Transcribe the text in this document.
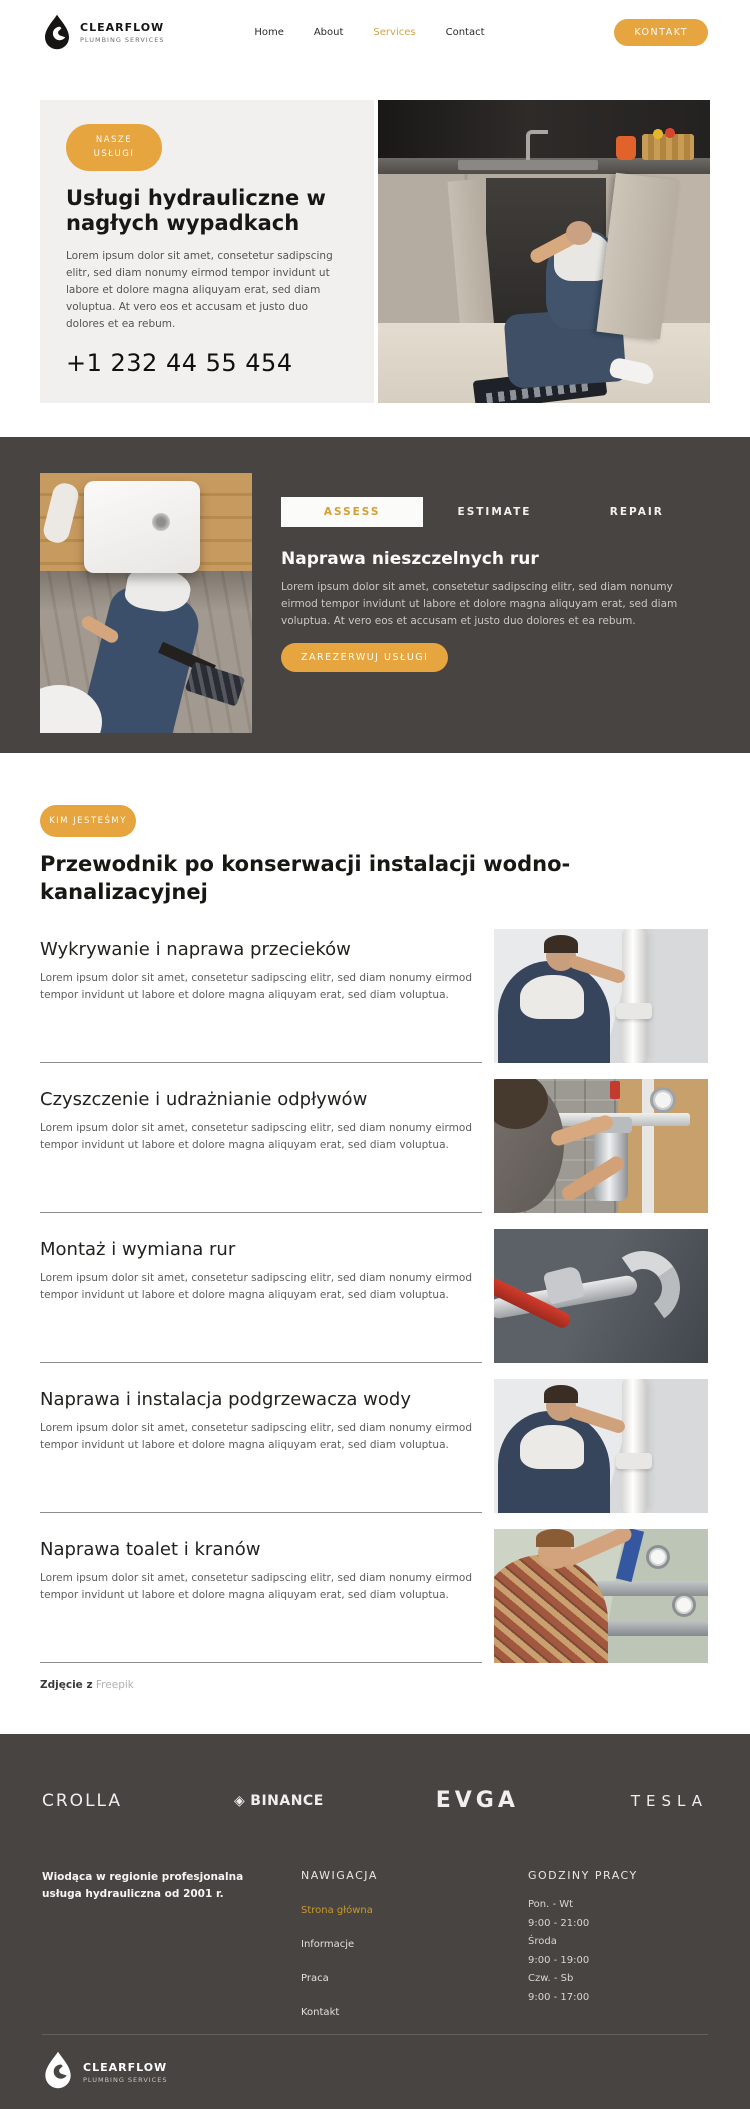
CLEARFLOW
PLUMBING SERVICES
Home	About	Services	Contact	KONTAKT
NASZE USŁUGI
Usługi hydrauliczne w nagłych wypadkach

Lorem ipsum dolor sit amet, consetetur sadipscing elitr, sed diam nonumy eirmod tempor invidunt ut labore et dolore magna aliquyam erat, sed diam voluptua. At vero eos et accusam et justo duo dolores et ea rebum.

+1 232 44 55 454
ASSESS	ESTIMATE	REPAIR
Naprawa nieszczelnych rur

Lorem ipsum dolor sit amet, consetetur sadipscing elitr, sed diam nonumy eirmod tempor invidunt ut labore et dolore magna aliquyam erat, sed diam voluptua. At vero eos et accusam et justo duo dolores et ea rebum.

ZAREZERWUJ USŁUGI
KIM JESTEŚMY
Przewodnik po konserwacji instalacji wodno-kanalizacyjnej
Wykrywanie i naprawa przecieków

Lorem ipsum dolor sit amet, consetetur sadipscing elitr, sed diam nonumy eirmod tempor invidunt ut labore et dolore magna aliquyam erat, sed diam voluptua.

Czyszczenie i udrażnianie odpływów

Lorem ipsum dolor sit amet, consetetur sadipscing elitr, sed diam nonumy eirmod tempor invidunt ut labore et dolore magna aliquyam erat, sed diam voluptua.

Montaż i wymiana rur

Lorem ipsum dolor sit amet, consetetur sadipscing elitr, sed diam nonumy eirmod tempor invidunt ut labore et dolore magna aliquyam erat, sed diam voluptua.

Naprawa i instalacja podgrzewacza wody

Lorem ipsum dolor sit amet, consetetur sadipscing elitr, sed diam nonumy eirmod tempor invidunt ut labore et dolore magna aliquyam erat, sed diam voluptua.

Naprawa toalet i kranów

Lorem ipsum dolor sit amet, consetetur sadipscing elitr, sed diam nonumy eirmod tempor invidunt ut labore et dolore magna aliquyam erat, sed diam voluptua.

Zdjęcie z Freepik
CROLLA	◈ BINANCE	EVGA	TESLA
Wiodąca w regionie profesjonalna usługa hydrauliczna od 2001 r.
NAWIGACJA
Strona główna
Informacje
Praca
Kontakt
GODZINY PRACY
Pon. - Wt
9:00 - 21:00
Środa
9:00 - 19:00
Czw. - Sb
9:00 - 17:00
CLEARFLOW
PLUMBING SERVICES
